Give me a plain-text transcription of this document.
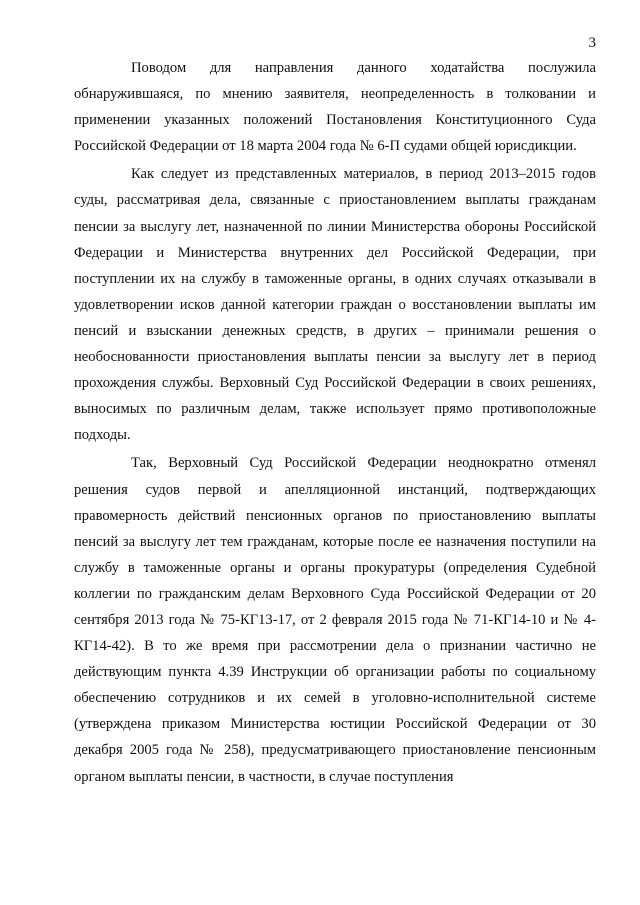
3

Поводом для направления данного ходатайства послужила обнаружившаяся, по мнению заявителя, неопределенность в толковании и применении указанных положений Постановления Конституционного Суда Российской Федерации от 18 марта 2004 года № 6-П судами общей юрисдикции.

Как следует из представленных материалов, в период 2013–2015 годов суды, рассматривая дела, связанные с приостановлением выплаты гражданам пенсии за выслугу лет, назначенной по линии Министерства обороны Российской Федерации и Министерства внутренних дел Российской Федерации, при поступлении их на службу в таможенные органы, в одних случаях отказывали в удовлетворении исков данной категории граждан о восстановлении выплаты им пенсий и взыскании денежных средств, в других – принимали решения о необоснованности приостановления выплаты пенсии за выслугу лет в период прохождения службы. Верховный Суд Российской Федерации в своих решениях, выносимых по различным делам, также использует прямо противоположные подходы.

Так, Верховный Суд Российской Федерации неоднократно отменял решения судов первой и апелляционной инстанций, подтверждающих правомерность действий пенсионных органов по приостановлению выплаты пенсий за выслугу лет тем гражданам, которые после ее назначения поступили на службу в таможенные органы и органы прокуратуры (определения Судебной коллегии по гражданским делам Верховного Суда Российской Федерации от 20 сентября 2013 года № 75-КГ13-17, от 2 февраля 2015 года № 71-КГ14-10 и № 4-КГ14-42). В то же время при рассмотрении дела о признании частично не действующим пункта 4.39 Инструкции об организации работы по социальному обеспечению сотрудников и их семей в уголовно-исполнительной системе (утверждена приказом Министерства юстиции Российской Федерации от 30 декабря 2005 года № 258), предусматривающего приостановление пенсионным органом выплаты пенсии, в частности, в случае поступления
